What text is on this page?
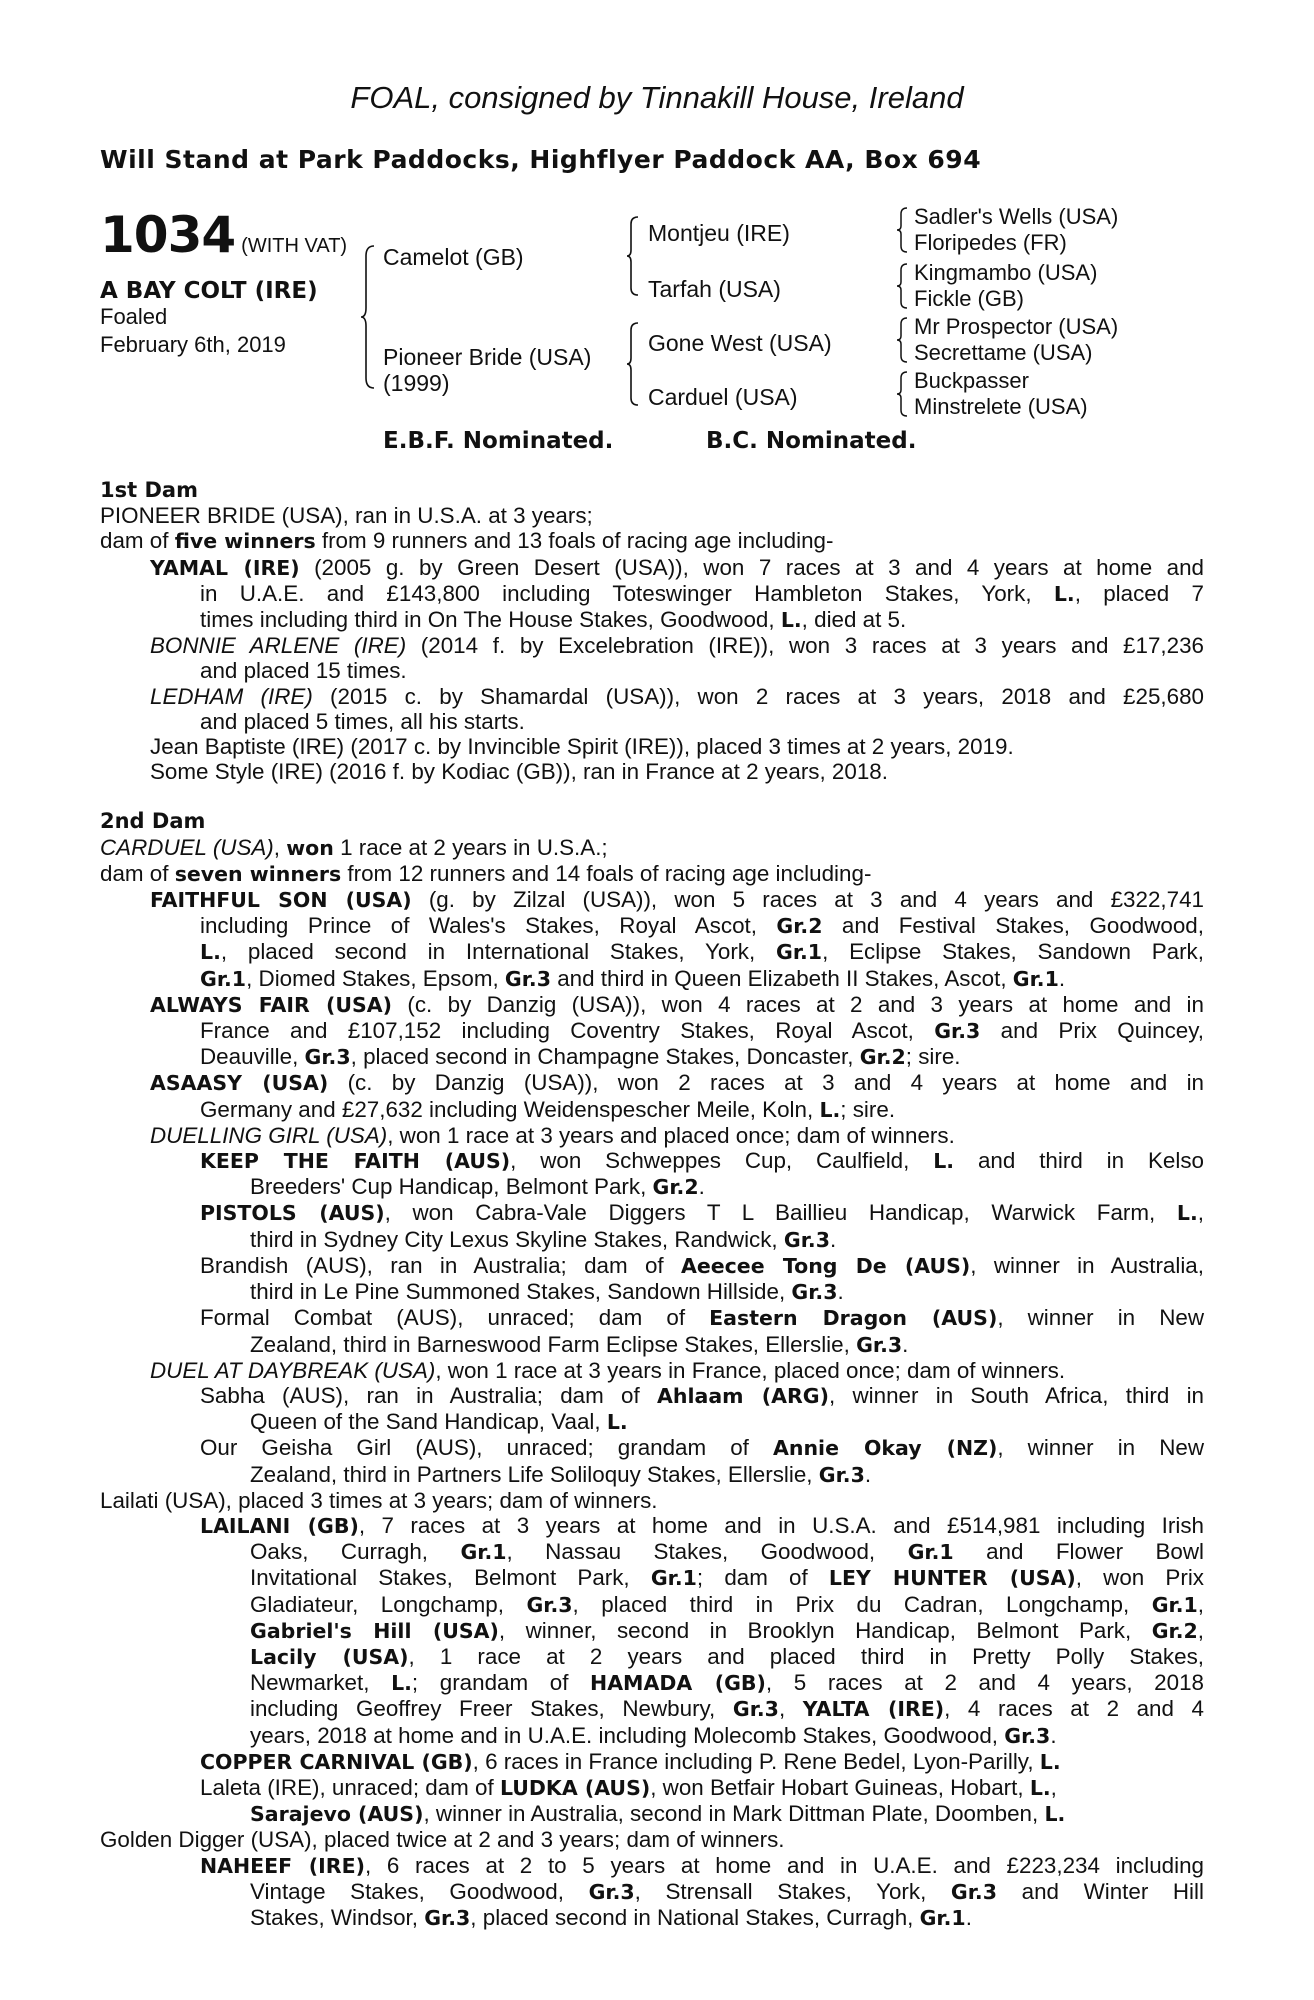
FOAL, consigned by Tinnakill House, Ireland
Will Stand at Park Paddocks, Highflyer Paddock AA, Box 694
1034 (WITH VAT)
A BAY COLT (IRE)
Foaled
February 6th, 2019
Camelot (GB)
Pioneer Bride (USA)
(1999)
Montjeu (IRE)
Tarfah (USA)
Gone West (USA)
Carduel (USA)
Sadler's Wells (USA)
Floripedes (FR)
Kingmambo (USA)
Fickle (GB)
Mr Prospector (USA)
Secrettame (USA)
Buckpasser
Minstrelete (USA)
E.B.F. Nominated.	B.C. Nominated.
1st Dam
PIONEER BRIDE (USA), ran in U.S.A. at 3 years;
dam of five winners from 9 runners and 13 foals of racing age including-
YAMAL (IRE) (2005 g. by Green Desert (USA)), won 7 races at 3 and 4 years at home and
in U.A.E. and £143,800 including Toteswinger Hambleton Stakes, York, L., placed 7
times including third in On The House Stakes, Goodwood, L., died at 5.
BONNIE ARLENE (IRE) (2014 f. by Excelebration (IRE)), won 3 races at 3 years and £17,236
and placed 15 times.
LEDHAM (IRE) (2015 c. by Shamardal (USA)), won 2 races at 3 years, 2018 and £25,680
and placed 5 times, all his starts.
Jean Baptiste (IRE) (2017 c. by Invincible Spirit (IRE)), placed 3 times at 2 years, 2019.
Some Style (IRE) (2016 f. by Kodiac (GB)), ran in France at 2 years, 2018.
2nd Dam
CARDUEL (USA), won 1 race at 2 years in U.S.A.;
dam of seven winners from 12 runners and 14 foals of racing age including-
FAITHFUL SON (USA) (g. by Zilzal (USA)), won 5 races at 3 and 4 years and £322,741
including Prince of Wales's Stakes, Royal Ascot, Gr.2 and Festival Stakes, Goodwood,
L., placed second in International Stakes, York, Gr.1, Eclipse Stakes, Sandown Park,
Gr.1, Diomed Stakes, Epsom, Gr.3 and third in Queen Elizabeth II Stakes, Ascot, Gr.1.
ALWAYS FAIR (USA) (c. by Danzig (USA)), won 4 races at 2 and 3 years at home and in
France and £107,152 including Coventry Stakes, Royal Ascot, Gr.3 and Prix Quincey,
Deauville, Gr.3, placed second in Champagne Stakes, Doncaster, Gr.2; sire.
ASAASY (USA) (c. by Danzig (USA)), won 2 races at 3 and 4 years at home and in
Germany and £27,632 including Weidenspescher Meile, Koln, L.; sire.
DUELLING GIRL (USA), won 1 race at 3 years and placed once; dam of winners.
KEEP THE FAITH (AUS), won Schweppes Cup, Caulfield, L. and third in Kelso
Breeders' Cup Handicap, Belmont Park, Gr.2.
PISTOLS (AUS), won Cabra-Vale Diggers T L Baillieu Handicap, Warwick Farm, L.,
third in Sydney City Lexus Skyline Stakes, Randwick, Gr.3.
Brandish (AUS), ran in Australia; dam of Aeecee Tong De (AUS), winner in Australia,
third in Le Pine Summoned Stakes, Sandown Hillside, Gr.3.
Formal Combat (AUS), unraced; dam of Eastern Dragon (AUS), winner in New
Zealand, third in Barneswood Farm Eclipse Stakes, Ellerslie, Gr.3.
DUEL AT DAYBREAK (USA), won 1 race at 3 years in France, placed once; dam of winners.
Sabha (AUS), ran in Australia; dam of Ahlaam (ARG), winner in South Africa, third in
Queen of the Sand Handicap, Vaal, L.
Our Geisha Girl (AUS), unraced; grandam of Annie Okay (NZ), winner in New
Zealand, third in Partners Life Soliloquy Stakes, Ellerslie, Gr.3.
Lailati (USA), placed 3 times at 3 years; dam of winners.
LAILANI (GB), 7 races at 3 years at home and in U.S.A. and £514,981 including Irish
Oaks, Curragh, Gr.1, Nassau Stakes, Goodwood, Gr.1 and Flower Bowl
Invitational Stakes, Belmont Park, Gr.1; dam of LEY HUNTER (USA), won Prix
Gladiateur, Longchamp, Gr.3, placed third in Prix du Cadran, Longchamp, Gr.1,
Gabriel's Hill (USA), winner, second in Brooklyn Handicap, Belmont Park, Gr.2,
Lacily (USA), 1 race at 2 years and placed third in Pretty Polly Stakes,
Newmarket, L.; grandam of HAMADA (GB), 5 races at 2 and 4 years, 2018
including Geoffrey Freer Stakes, Newbury, Gr.3, YALTA (IRE), 4 races at 2 and 4
years, 2018 at home and in U.A.E. including Molecomb Stakes, Goodwood, Gr.3.
COPPER CARNIVAL (GB), 6 races in France including P. Rene Bedel, Lyon-Parilly, L.
Laleta (IRE), unraced; dam of LUDKA (AUS), won Betfair Hobart Guineas, Hobart, L.,
Sarajevo (AUS), winner in Australia, second in Mark Dittman Plate, Doomben, L.
Golden Digger (USA), placed twice at 2 and 3 years; dam of winners.
NAHEEF (IRE), 6 races at 2 to 5 years at home and in U.A.E. and £223,234 including
Vintage Stakes, Goodwood, Gr.3, Strensall Stakes, York, Gr.3 and Winter Hill
Stakes, Windsor, Gr.3, placed second in National Stakes, Curragh, Gr.1.
